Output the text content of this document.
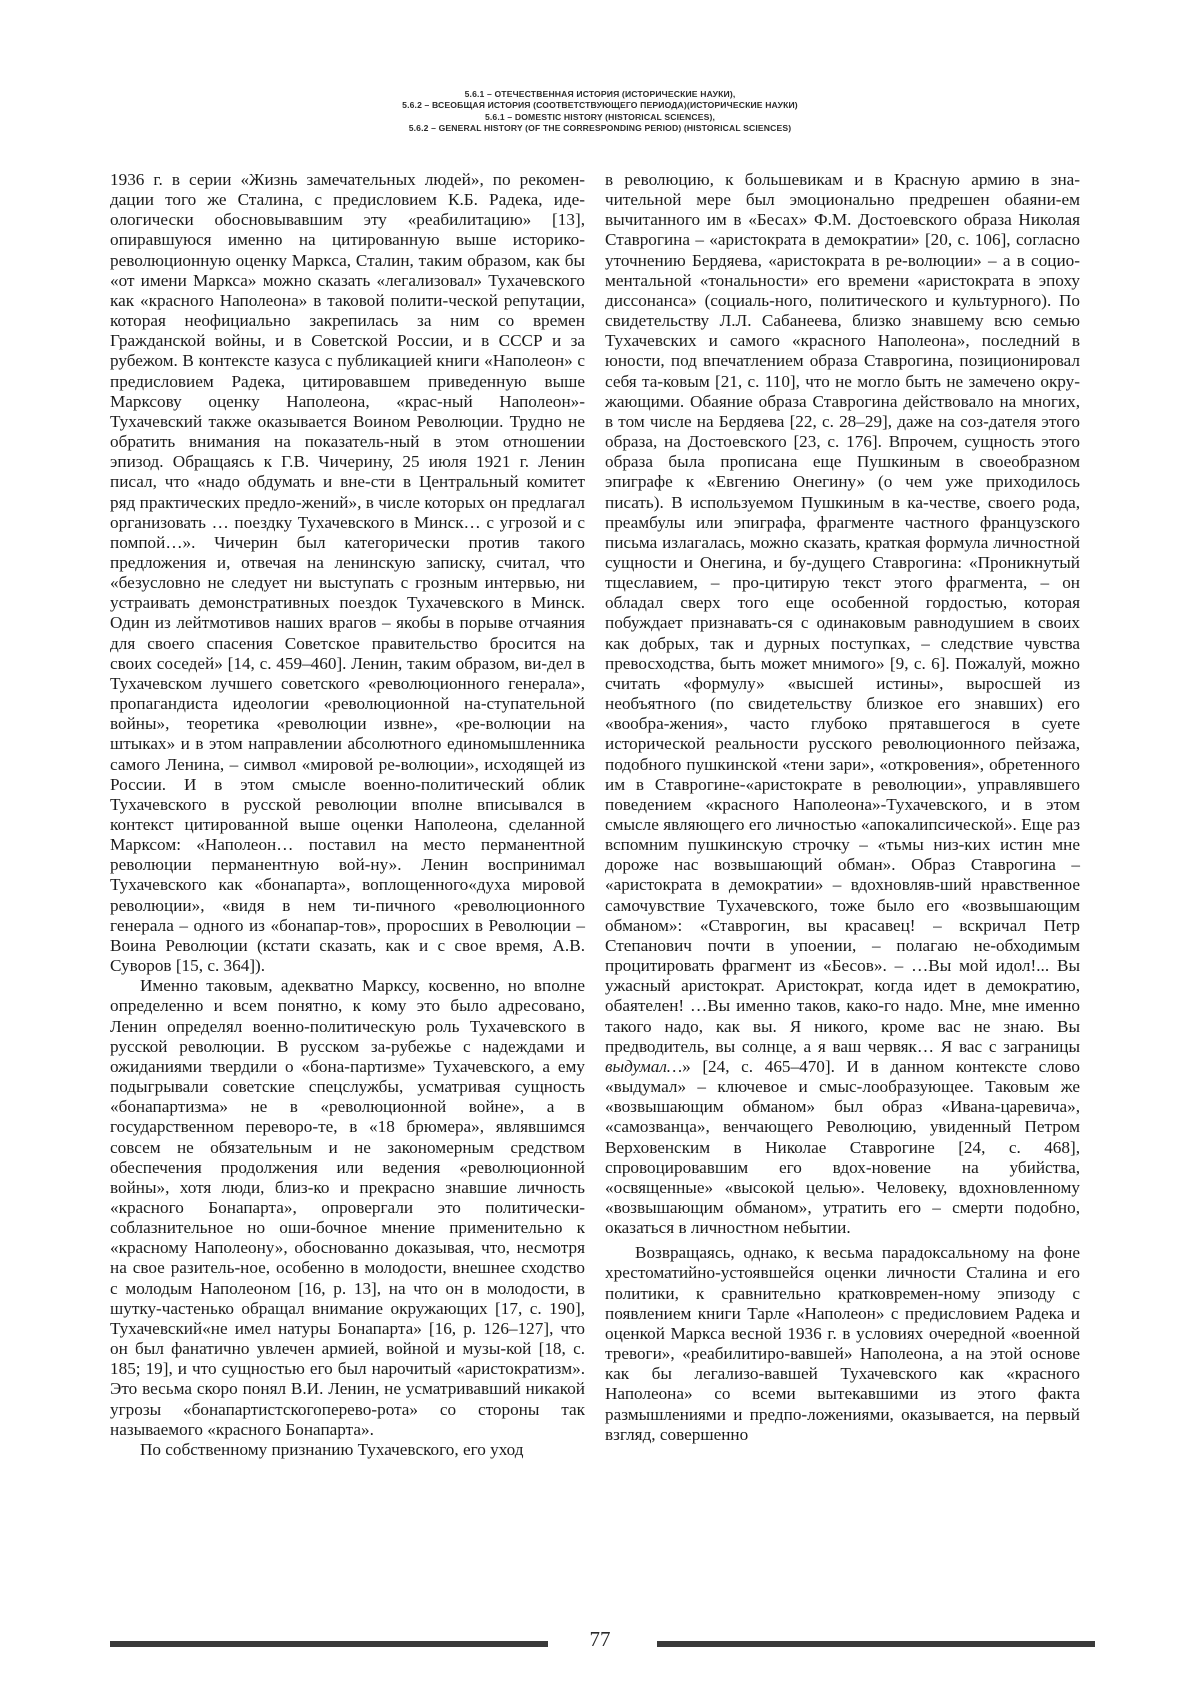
5.6.1 – ОТЕЧЕСТВЕННАЯ ИСТОРИЯ (ИСТОРИЧЕСКИЕ НАУКИ),
5.6.2 – ВСЕОБЩАЯ ИСТОРИЯ (СООТВЕТСТВУЮЩЕГО ПЕРИОДА)(ИСТОРИЧЕСКИЕ НАУКИ)
5.6.1 – DOMESTIC HISTORY (HISTORICAL SCIENCES),
5.6.2 – GENERAL HISTORY (OF THE CORRESPONDING PERIOD) (HISTORICAL SCIENCES)

1936 г. в серии «Жизнь замечательных людей», по рекомен-дации того же Сталина, с предисловием К.Б. Радека, иде-ологически обосновывавшим эту «реабилитацию» [13], опиравшуюся именно на цитированную выше историко-революционную оценку Маркса, Сталин, таким образом, как бы «от имени Маркса» можно сказать «легализовал» Тухачевского как «красного Наполеона» в таковой полити-ческой репутации, которая неофициально закрепилась за ним со времен Гражданской войны, и в Советской России, и в СССР и за рубежом. В контексте казуса с публикацией книги «Наполеон» с предисловием Радека, цитировавшем приведенную выше Марксову оценку Наполеона, «крас-ный Наполеон»-Тухачевский также оказывается Воином Революции. Трудно не обратить внимания на показатель-ный в этом отношении эпизод. Обращаясь к Г.В. Чичерину, 25 июля 1921 г. Ленин писал, что «надо обдумать и вне-сти в Центральный комитет ряд практических предло-жений», в числе которых он предлагал организовать … поездку Тухачевского в Минск… с угрозой и с помпой…». Чичерин был категорически против такого предложения и, отвечая на ленинскую записку, считал, что «безусловно не следует ни выступать с грозным интервью, ни устраивать демонстративных поездок Тухачевского в Минск. Один из лейтмотивов наших врагов – якобы в порыве отчаяния для своего спасения Советское правительство бросится на своих соседей» [14, с. 459–460]. Ленин, таким образом, ви-дел в Тухачевском лучшего советского «революционного генерала», пропагандиста идеологии «революционной на-ступательной войны», теоретика «революции извне», «ре-волюции на штыках» и в этом направлении абсолютного единомышленника самого Ленина, – символ «мировой ре-волюции», исходящей из России. И в этом смысле военно-политический облик Тухачевского в русской революции вполне вписывался в контекст цитированной выше оценки Наполеона, сделанной Марксом: «Наполеон… поставил на место перманентной революции перманентную вой-ну». Ленин воспринимал Тухачевского как «бонапарта», воплощенного«духа мировой революции», «видя в нем ти-пичного «революционного генерала – одного из «бонапар-тов», проросших в Революции – Воина Революции (кстати сказать, как и с свое время, А.В. Суворов [15, с. 364]).

Именно таковым, адекватно Марксу, косвенно, но вполне определенно и всем понятно, к кому это было адресовано, Ленин определял военно-политическую роль Тухачевского в русской революции. В русском за-рубежье с надеждами и ожиданиями твердили о «бона-партизме» Тухачевского, а ему подыгрывали советские спецслужбы, усматривая сущность «бонапартизма» не в «революционной войне», а в государственном переворо-те, в «18 брюмера», являвшимся совсем не обязательным и не закономерным средством обеспечения продолжения или ведения «революционной войны», хотя люди, близ-ко и прекрасно знавшие личность «красного Бонапарта», опровергали это политически-соблазнительное но оши-бочное мнение применительно к «красному Наполеону», обоснованно доказывая, что, несмотря на свое разитель-ное, особенно в молодости, внешнее сходство с молодым Наполеоном [16, p. 13], на что он в молодости, в шутку-частенько обращал внимание окружающих [17, с. 190], Тухачевский«не имел натуры Бонапарта» [16, p. 126–127], что он был фанатично увлечен армией, войной и музы-кой [18, с. 185; 19], и что сущностью его был нарочитый «аристократизм». Это весьма скоро понял В.И. Ленин, не усматривавший никакой угрозы «бонапартистскогоперево-рота» со стороны так называемого «красного Бонапарта».

По собственному признанию Тухачевского, его уход

в революцию, к большевикам и в Красную армию в зна-чительной мере был эмоционально предрешен обаяни-ем вычитанного им в «Бесах» Ф.М. Достоевского образа Николая Ставрогина – «аристократа в демократии» [20, с. 106], согласно уточнению Бердяева, «аристократа в ре-волюции» – а в социо-ментальной «тональности» его времени «аристократа в эпоху диссонанса» (социаль-ного, политического и культурного). По свидетельству Л.Л. Сабанеева, близко знавшему всю семью Тухачевских и самого «красного Наполеона», последний в юности, под впечатлением образа Ставрогина, позиционировал себя та-ковым [21, с. 110], что не могло быть не замечено окру-жающими. Обаяние образа Ставрогина действовало на многих, в том числе на Бердяева [22, с. 28–29], даже на соз-дателя этого образа, на Достоевского [23, с. 176]. Впрочем, сущность этого образа была прописана еще Пушкиным в своеобразном эпиграфе к «Евгению Онегину» (о чем уже приходилось писать). В используемом Пушкиным в ка-честве, своего рода, преамбулы или эпиграфа, фрагменте частного французского письма излагалась, можно сказать, краткая формула личностной сущности и Онегина, и бу-дущего Ставрогина: «Проникнутый тщеславием, – про-цитирую текст этого фрагмента, – он обладал сверх того еще особенной гордостью, которая побуждает признавать-ся с одинаковым равнодушием в своих как добрых, так и дурных поступках, – следствие чувства превосходства, быть может мнимого» [9, с. 6]. Пожалуй, можно считать «формулу» «высшей истины», выросшей из необъятного (по свидетельству близкое его знавших) его «вообра-жения», часто глубоко прятавшегося в суете исторической реальности русского революционного пейзажа, подобного пушкинской «тени зари», «откровения», обретенного им в Ставрогине-«аристократе в революции», управлявшего поведением «красного Наполеона»-Тухачевского, и в этом смысле являющего его личностью «апокалипсической». Еще раз вспомним пушкинскую строчку – «тьмы низ-ких истин мне дороже нас возвышающий обман». Образ Ставрогина – «аристократа в демократии» – вдохновляв-ший нравственное самочувствие Тухачевского, тоже было его «возвышающим обманом»: «Ставрогин, вы красавец! – вскричал Петр Степанович почти в упоении, – полагаю не-обходимым процитировать фрагмент из «Бесов». – …Вы мой идол!... Вы ужасный аристократ. Аристократ, когда идет в демократию, обаятелен! …Вы именно таков, како-го надо. Мне, мне именно такого надо, как вы. Я никого, кроме вас не знаю. Вы предводитель, вы солнце, а я ваш червяк… Я вас с заграницы выдумал…» [24, с. 465–470]. И в данном контексте слово «выдумал» – ключевое и смыс-лообразующее. Таковым же «возвышающим обманом» был образ «Ивана-царевича», «самозванца», венчающего Революцию, увиденный Петром Верховенским в Николае Ставрогине [24, с. 468], спровоцировавшим его вдох-новение на убийства, «освященные» «высокой целью». Человеку, вдохновленному «возвышающим обманом», утратить его – смерти подобно, оказаться в личностном небытии.

Возвращаясь, однако, к весьма парадоксальному на фоне хрестоматийно-устоявшейся оценки личности Сталина и его политики, к сравнительно кратковремен-ному эпизоду с появлением книги Тарле «Наполеон» с предисловием Радека и оценкой Маркса весной 1936 г. в условиях очередной «военной тревоги», «реабилитиро-вавшей» Наполеона, а на этой основе как бы легализо-вавшей Тухачевского как «красного Наполеона» со всеми вытекавшими из этого факта размышлениями и предпо-ложениями, оказывается, на первый взгляд, совершенно

77
